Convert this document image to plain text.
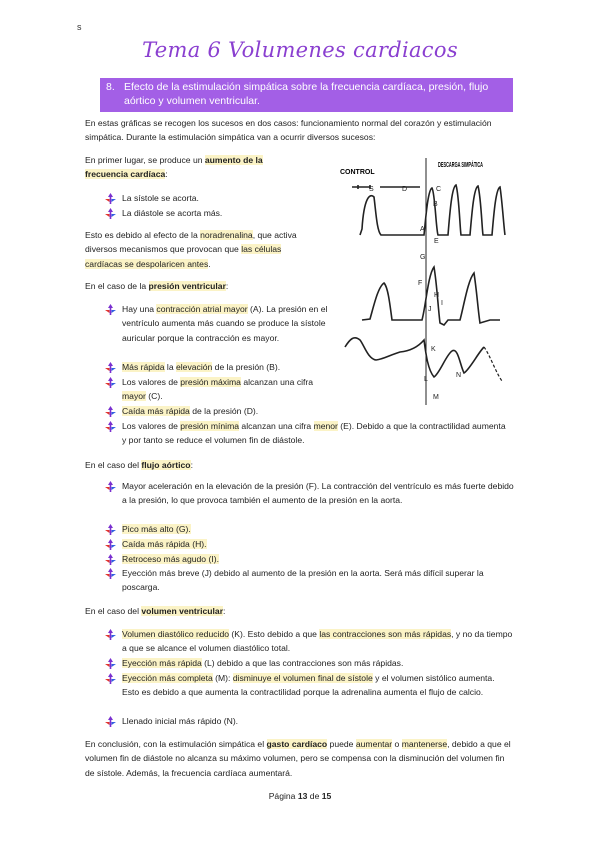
s
Tema 6 Volumenes cardiacos
8. Efecto de la estimulación simpática sobre la frecuencia cardíaca, presión, flujo aórtico y volumen ventricular.
En estas gráficas se recogen los sucesos en dos casos: funcionamiento normal del corazón y estimulación simpática. Durante la estimulación simpática van a ocurrir diversos sucesos:
En primer lugar, se produce un aumento de la frecuencia cardíaca:
La sístole se acorta.
La diástole se acorta más.
Esto es debido al efecto de la noradrenalina, que activa diversos mecanismos que provocan que las células cardíacas se despolaricen antes.
En el caso de la presión ventricular:
Hay una contracción atrial mayor (A). La presión en el ventrículo aumenta más cuando se produce la sístole auricular porque la contracción es mayor.
Más rápida la elevación de la presión (B).
Los valores de presión máxima alcanzan una cifra mayor (C).
Caída más rápida de la presión (D).
Los valores de presión mínima alcanzan una cifra menor (E). Debido a que la contractilidad aumenta y por tanto se reduce el volumen fin de diástole.
En el caso del flujo aórtico:
Mayor aceleración en la elevación de la presión (F). La contracción del ventrículo es más fuerte debido a la presión, lo que provoca también el aumento de la presión en la aorta.
Pico más alto (G).
Caída más rápida (H).
Retroceso más agudo (I).
Eyección más breve (J) debido al aumento de la presión en la aorta. Será más difícil superar la poscarga.
En el caso del volumen ventricular:
Volumen diastólico reducido (K). Esto debido a que las contracciones son más rápidas, y no da tiempo a que se alcance el volumen diastólico total.
Eyección más rápida (L) debido a que las contracciones son más rápidas.
Eyección más completa (M): disminuye el volumen final de sístole y el volumen sistólico aumenta. Esto es debido a que aumenta la contractilidad porque la adrenalina aumenta el flujo de calcio.
Llenado inicial más rápido (N).
En conclusión, con la estimulación simpática el gasto cardíaco puede aumentar o mantenerse, debido a que el volumen fin de diástole no alcanza su máximo volumen, pero se compensa con la disminución del volumen fin de sístole. Además, la frecuencia cardíaca aumentará.
Página 13 de 15
CONTROL
DESCARGA SIMPÁTICA
S	D	C
A
B
E
G
F
H
I
J
K
L
M
N
